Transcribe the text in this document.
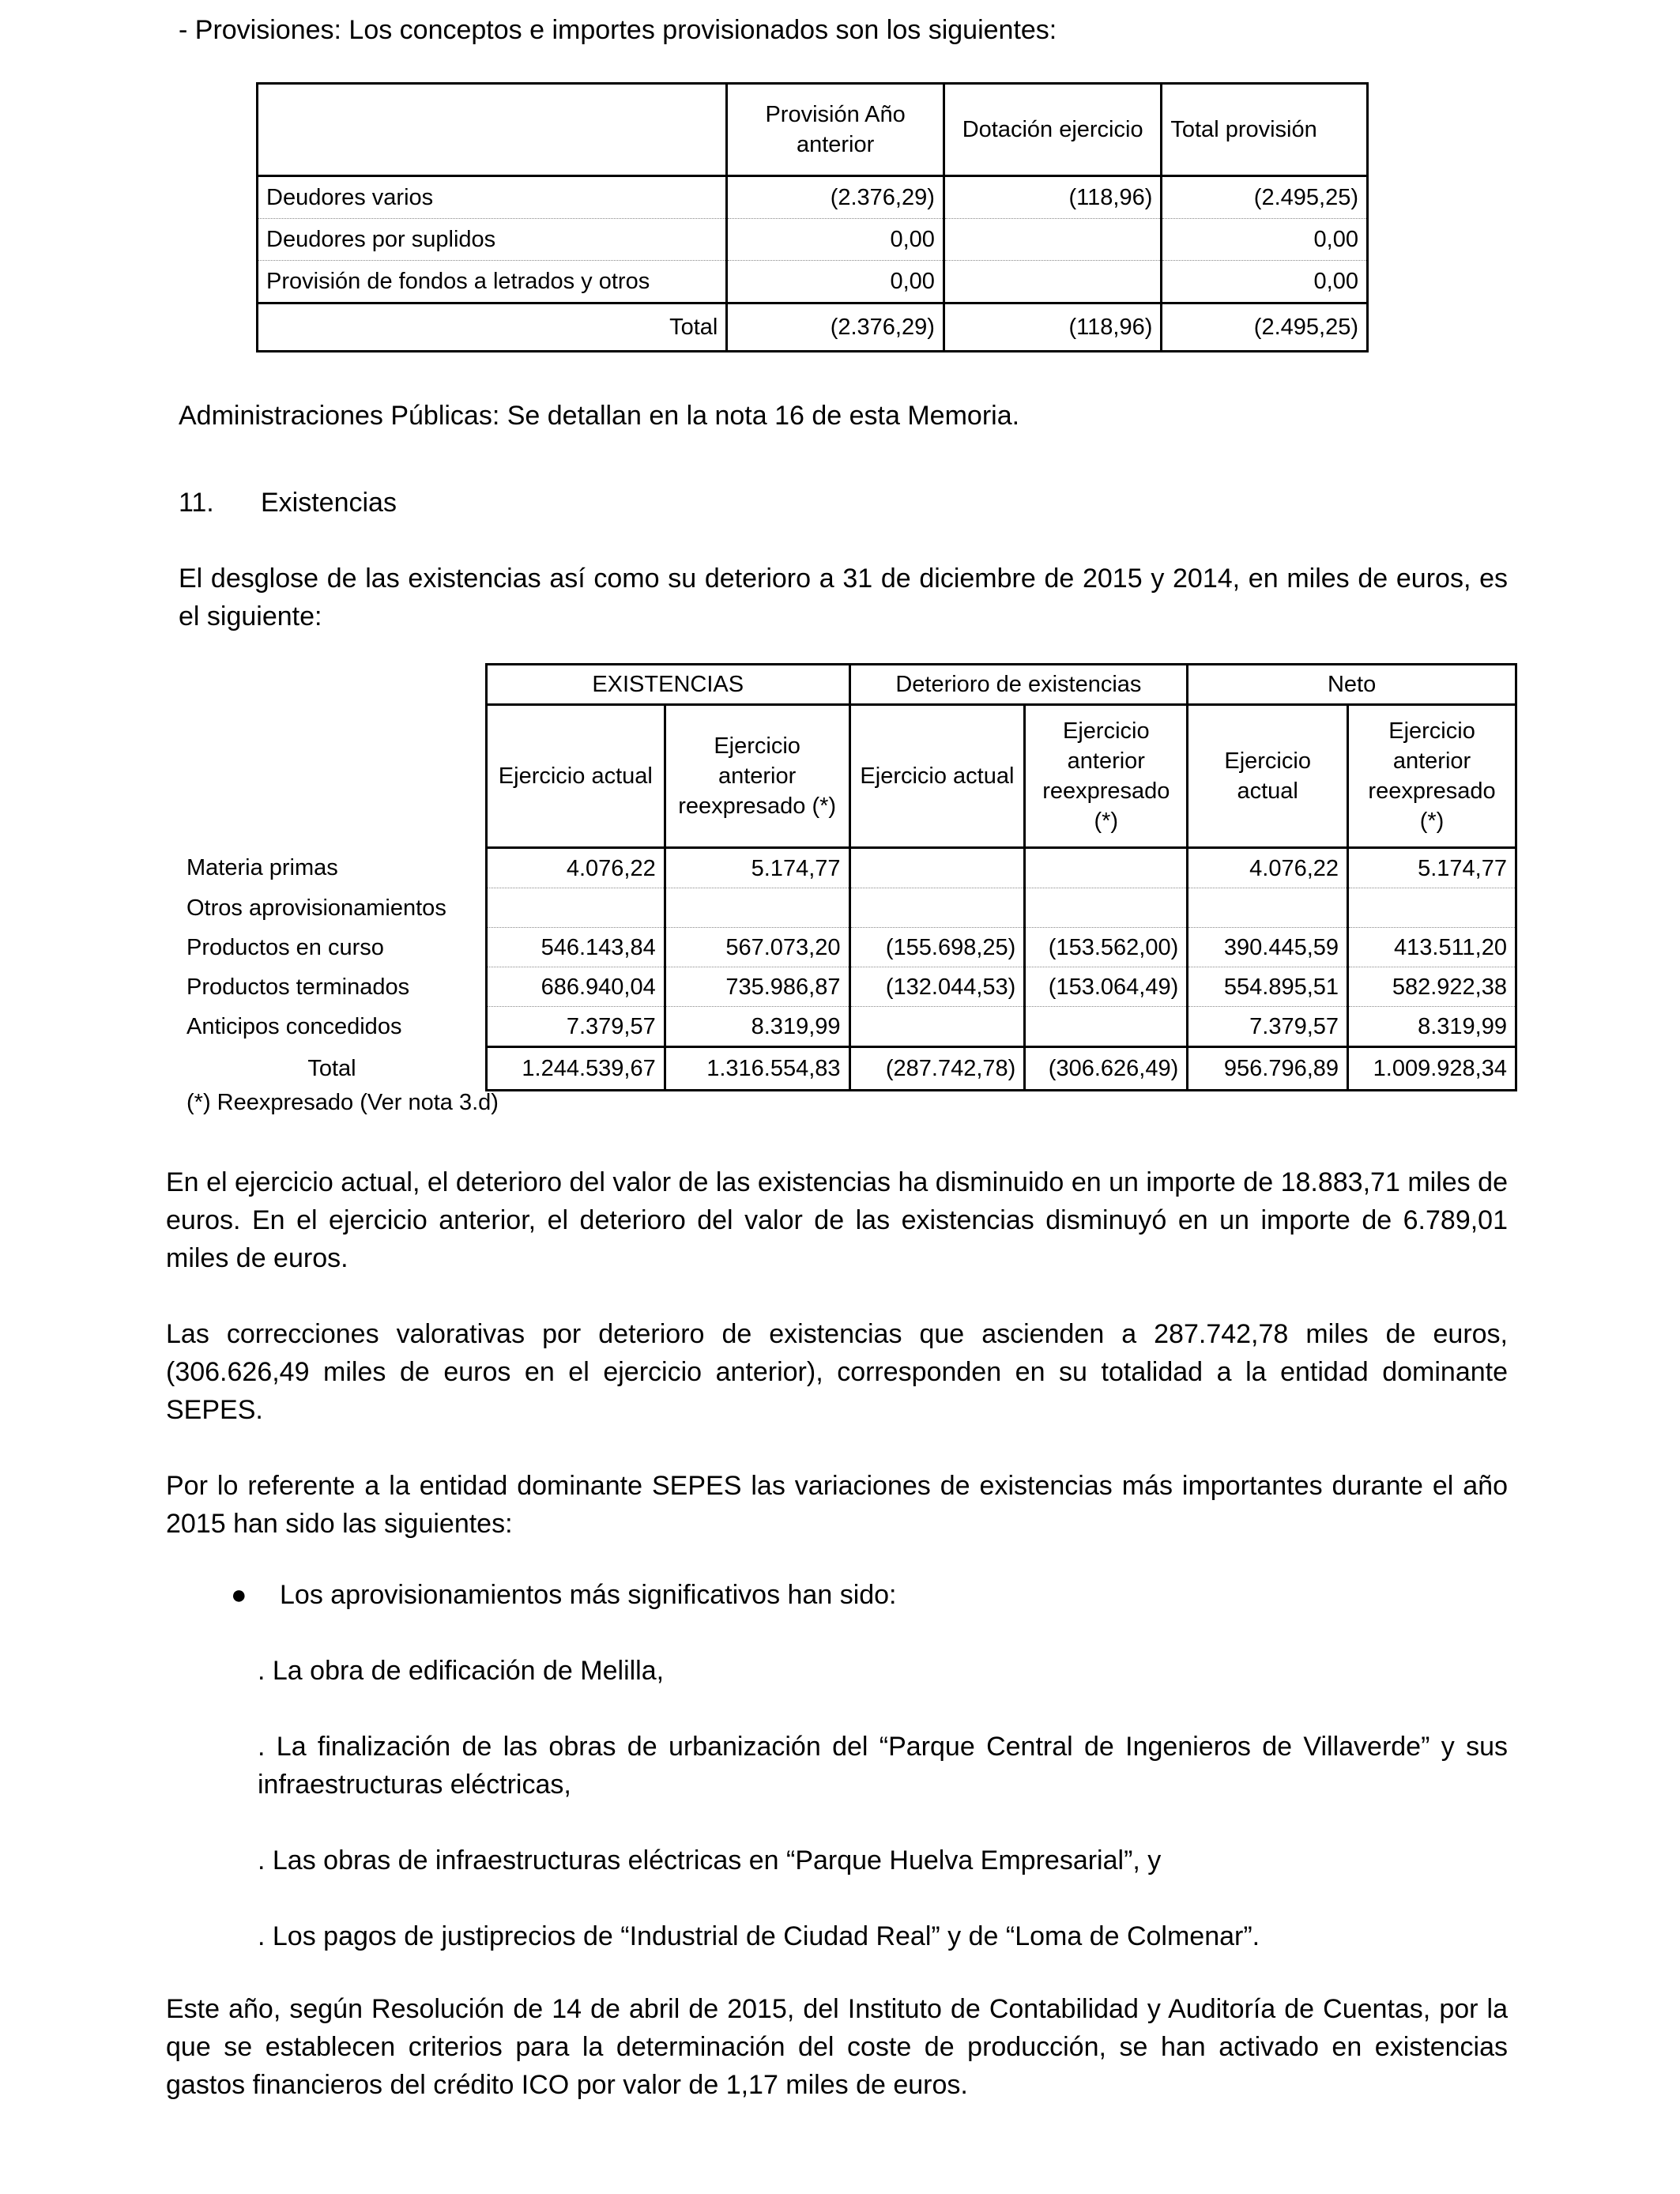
- Provisiones: Los conceptos e importes provisionados son los siguientes:
	Provisión Año anterior	Dotación ejercicio	Total provisión
Deudores varios	(2.376,29)	(118,96)	(2.495,25)
Deudores por suplidos	0,00		0,00
Provisión de fondos a letrados y otros	0,00		0,00
Total	(2.376,29)	(118,96)	(2.495,25)
Administraciones Públicas: Se detallan en la nota 16 de esta Memoria.
11. Existencias
El desglose de las existencias así como su deterioro a 31 de diciembre de 2015 y 2014, en miles de euros, es el siguiente:
	EXISTENCIAS		Deterioro de existencias		Neto	
	Ejercicio actual	Ejercicio anterior reexpresado (*)	Ejercicio actual	Ejercicio anterior reexpresado (*)	Ejercicio actual	Ejercicio anterior reexpresado (*)
Materia primas	4.076,22	5.174,77			4.076,22	5.174,77
Otros aprovisionamientos						
Productos en curso	546.143,84	567.073,20	(155.698,25)	(153.562,00)	390.445,59	413.511,20
Productos terminados	686.940,04	735.986,87	(132.044,53)	(153.064,49)	554.895,51	582.922,38
Anticipos concedidos	7.379,57	8.319,99			7.379,57	8.319,99
Total	1.244.539,67	1.316.554,83	(287.742,78)	(306.626,49)	956.796,89	1.009.928,34
(*) Reexpresado (Ver nota 3.d)
En el ejercicio actual, el deterioro del valor de las existencias ha disminuido en un importe de 18.883,71 miles de euros. En el ejercicio anterior, el deterioro del valor de las existencias disminuyó en un importe de 6.789,01 miles de euros.
Las correcciones valorativas por deterioro de existencias que ascienden a 287.742,78 miles de euros, (306.626,49 miles de euros en el ejercicio anterior), corresponden en su totalidad a la entidad dominante SEPES.
Por lo referente a la entidad dominante SEPES las variaciones de existencias más importantes durante el año 2015 han sido las siguientes:
● Los aprovisionamientos más significativos han sido:
. La obra de edificación de Melilla,
. La finalización de las obras de urbanización del “Parque Central de Ingenieros de Villaverde” y sus infraestructuras eléctricas,
. Las obras de infraestructuras eléctricas en “Parque Huelva Empresarial”, y
. Los pagos de justiprecios de “Industrial de Ciudad Real” y de “Loma de Colmenar”.
Este año, según Resolución de 14 de abril de 2015, del Instituto de Contabilidad y Auditoría de Cuentas, por la que se establecen criterios para la determinación del coste de producción, se han activado en existencias gastos financieros del crédito ICO por valor de 1,17 miles de euros.
